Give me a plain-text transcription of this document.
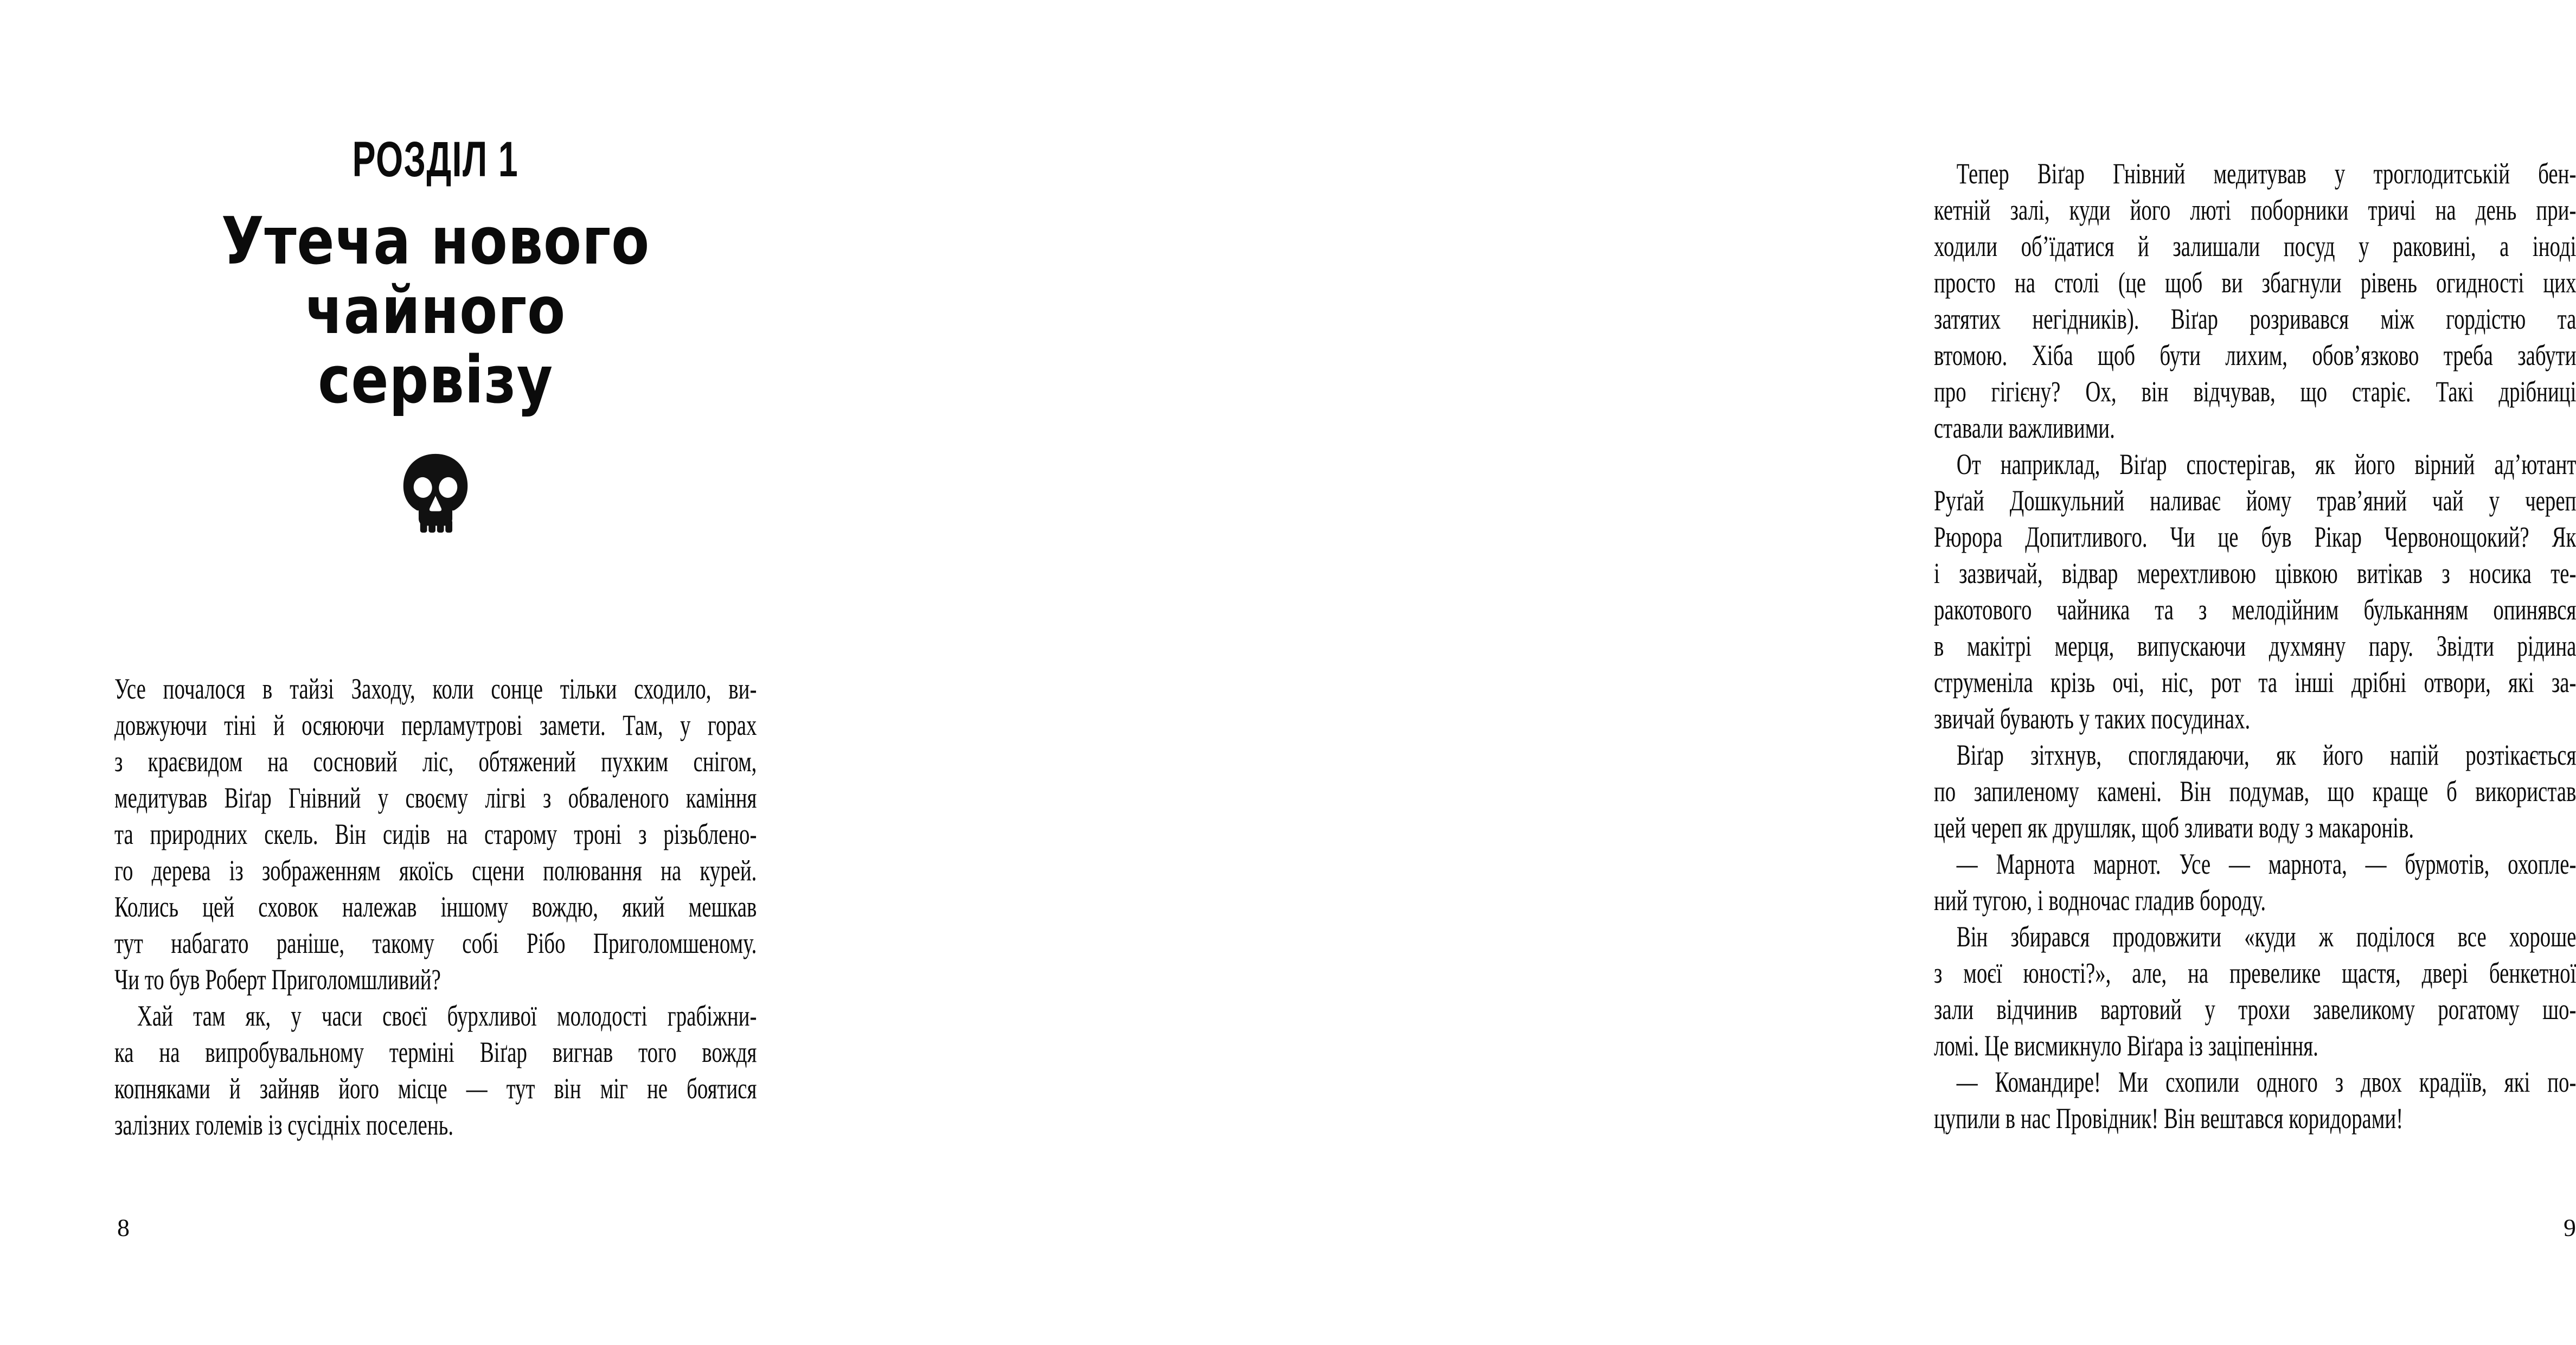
РОЗДІЛ 1
Утеча нового
чайного
сервізу
Усе почалося в тайзі Заходу, коли сонце тільки сходило, ви-
довжуючи тіні й осяюючи перламутрові замети. Там, у горах
з краєвидом на сосновий ліс, обтяжений пухким снігом,
медитував Віґар Гнівний у своєму лігві з обваленого каміння
та природних скель. Він сидів на старому троні з різьблено-
го дерева із зображенням якоїсь сцени полювання на курей.
Колись цей сховок належав іншому вождю, який мешкав
тут набагато раніше, такому собі Рібо Приголомшеному.
Чи то був Роберт Приголомшливий?
Хай там як, у часи своєї бурхливої молодості грабіжни-
ка на випробувальному терміні Віґар вигнав того вождя
копняками й зайняв його місце — тут він міг не боятися
залізних големів із сусідніх поселень.
8
Тепер Віґар Гнівний медитував у троглодитській бен-
кетній залі, куди його люті поборники тричі на день при-
ходили об’їдатися й залишали посуд у раковині, а іноді
просто на столі (це щоб ви збагнули рівень огидності цих
затятих негідників). Віґар розривався між гордістю та
втомою. Хіба щоб бути лихим, обов’язково треба забути
про гігієну? Ох, він відчував, що старіє. Такі дрібниці
ставали важливими.
От наприклад, Віґар спостерігав, як його вірний ад’ютант
Руґай Дошкульний наливає йому трав’яний чай у череп
Рюрора Допитливого. Чи це був Рікар Червонощокий? Як
і зазвичай, відвар мерехтливою цівкою витікав з носика те-
ракотового чайника та з мелодійним бульканням опинявся
в макітрі мерця, випускаючи духмяну пару. Звідти рідина
струменіла крізь очі, ніс, рот та інші дрібні отвори, які за-
звичай бувають у таких посудинах.
Віґар зітхнув, споглядаючи, як його напій розтікається
по запиленому камені. Він подумав, що краще б використав
цей череп як друшляк, щоб зливати воду з макаронів.
— Марнота марнот. Усе — марнота, — бурмотів, охопле-
ний тугою, і водночас гладив бороду.
Він збирався продовжити «куди ж поділося все хороше
з моєї юності?», але, на превелике щастя, двері бенкетної
зали відчинив вартовий у трохи завеликому рогатому шо-
ломі. Це висмикнуло Віґара із заціпеніння.
— Командире! Ми схопили одного з двох крадіїв, які по-
цупили в нас Провідник! Він вештався коридорами!
9
